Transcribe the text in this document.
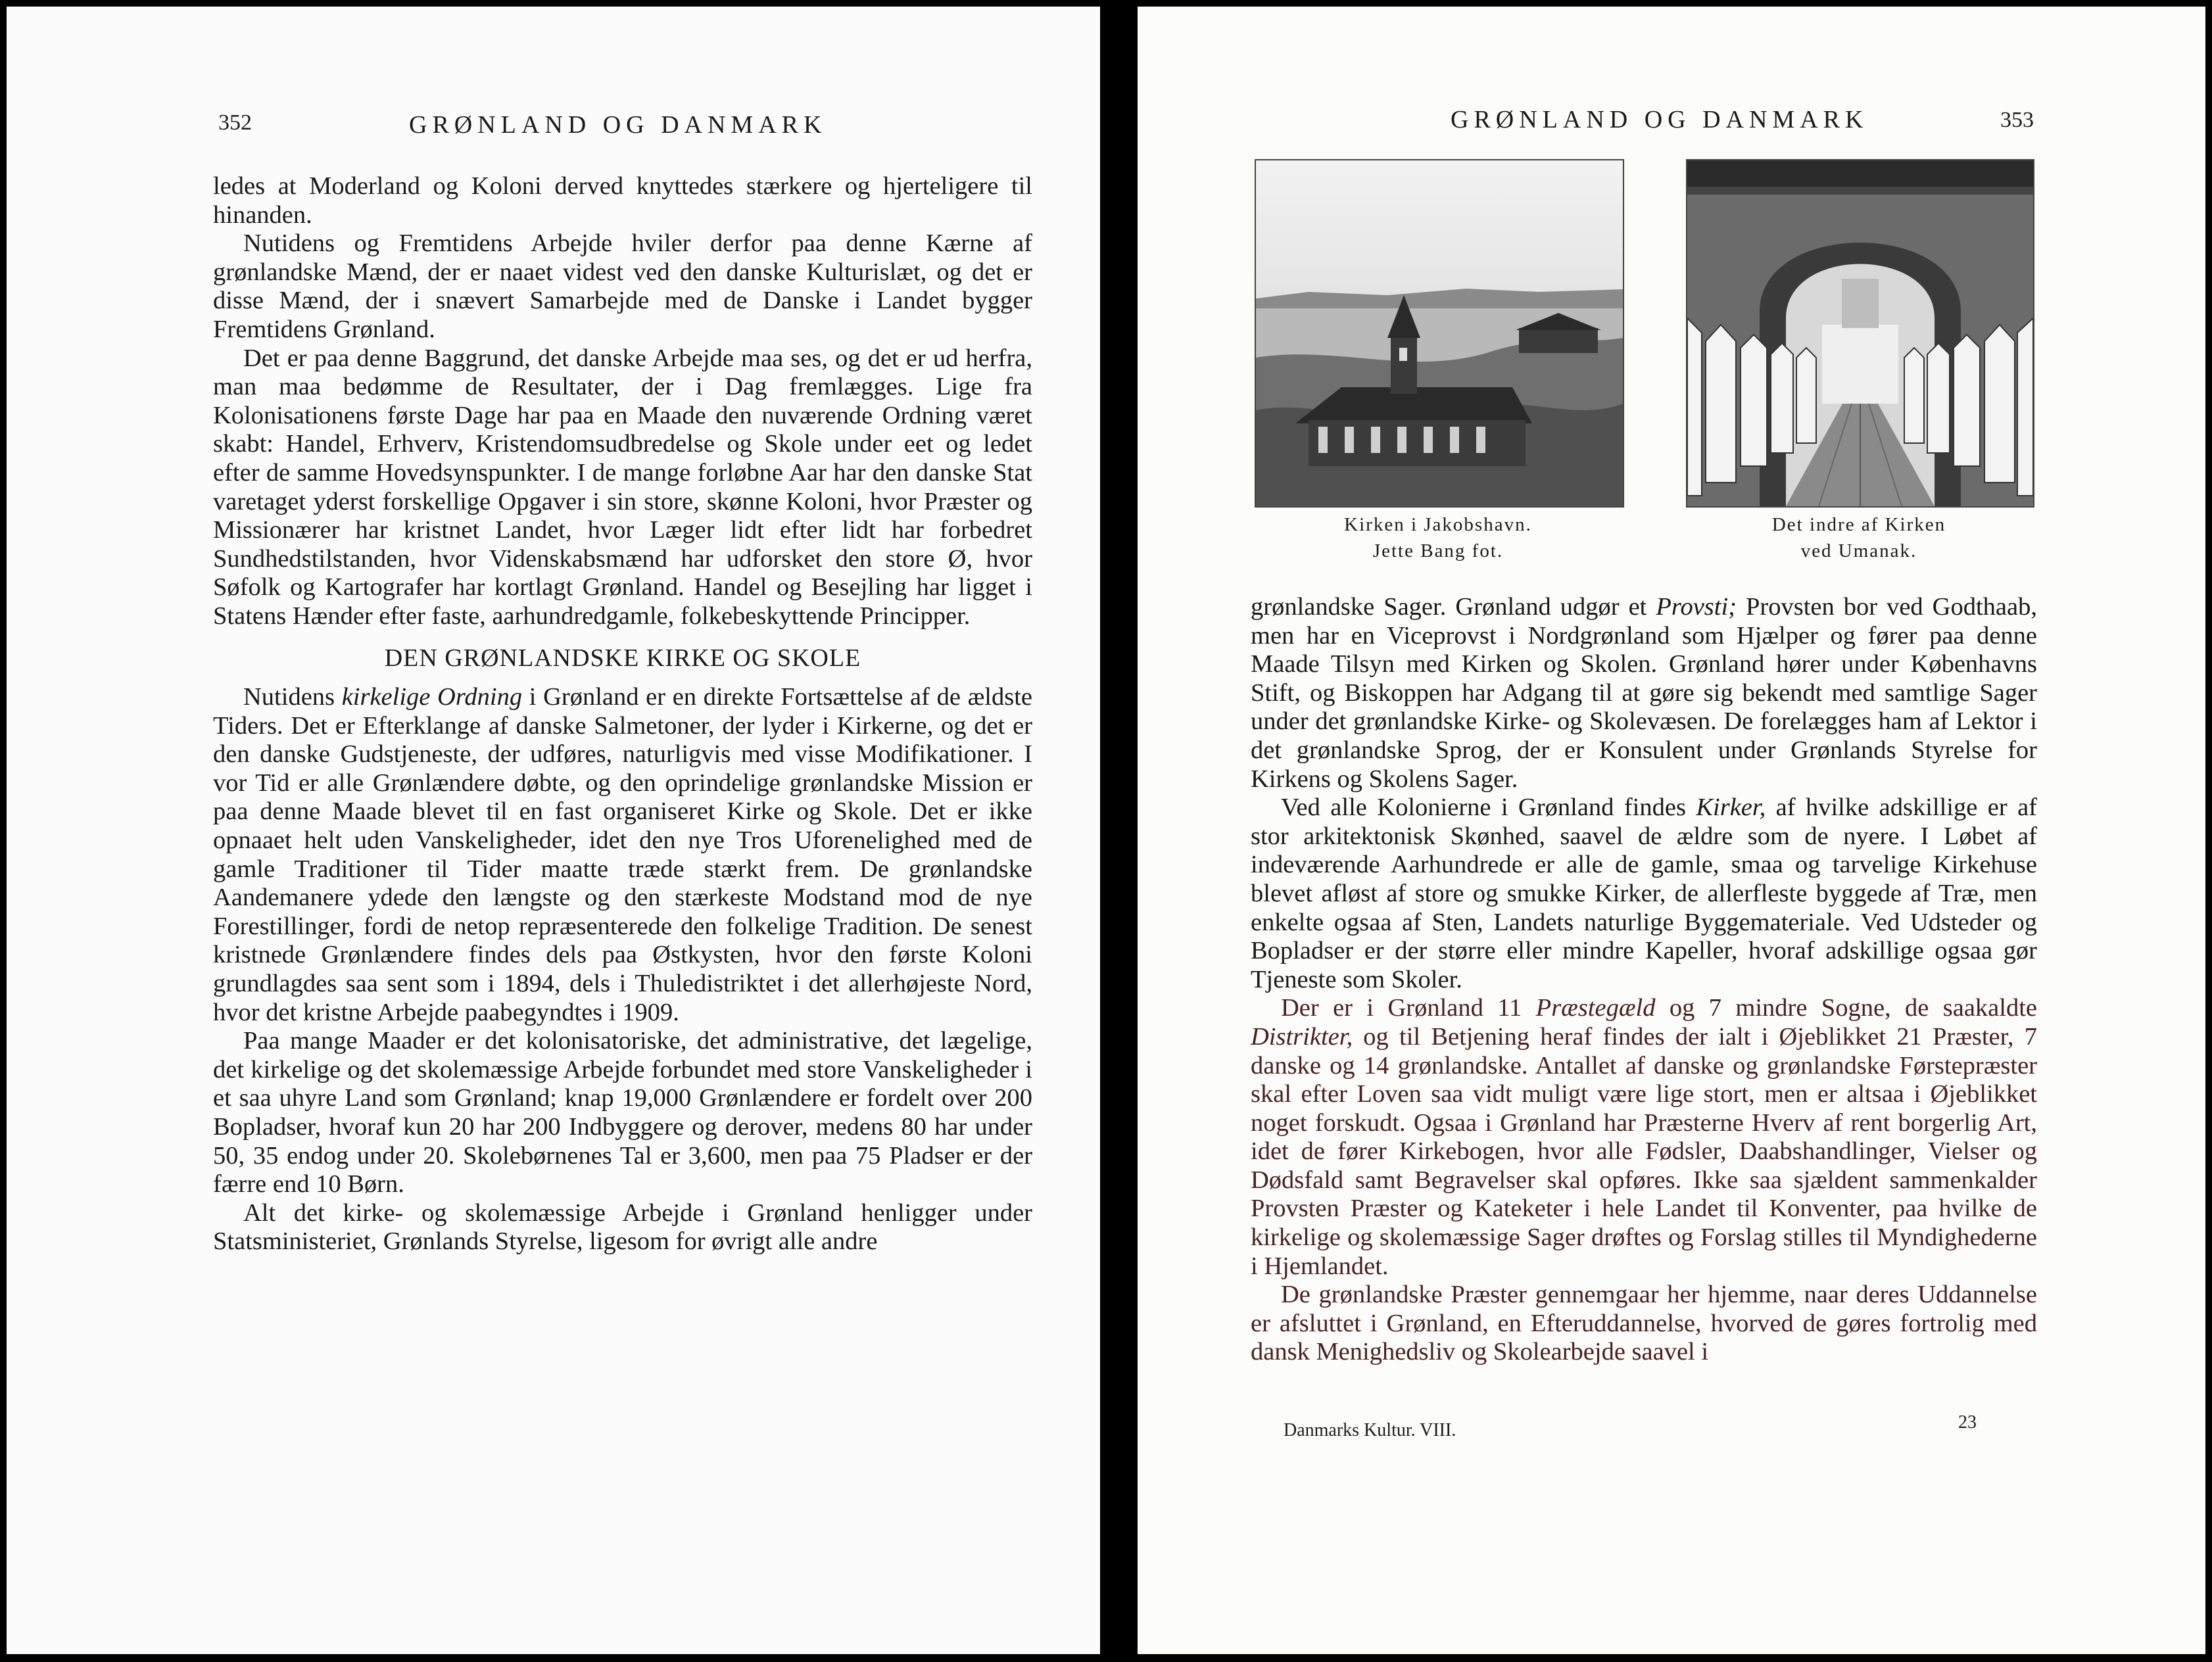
352	GRØNLAND OG DANMARK

ledes at Moderland og Koloni derved knyttedes stærkere og hjerteligere til hinanden.

Nutidens og Fremtidens Arbejde hviler derfor paa denne Kærne af grønlandske Mænd, der er naaet videst ved den danske Kulturislæt, og det er disse Mænd, der i snævert Samarbejde med de Danske i Landet bygger Fremtidens Grønland.

Det er paa denne Baggrund, det danske Arbejde maa ses, og det er ud herfra, man maa bedømme de Resultater, der i Dag fremlægges. Lige fra Kolonisationens første Dage har paa en Maade den nuværende Ordning været skabt: Handel, Erhverv, Kristendomsudbredelse og Skole under eet og ledet efter de samme Hovedsynspunkter. I de mange forløbne Aar har den danske Stat varetaget yderst forskellige Opgaver i sin store, skønne Koloni, hvor Præster og Missionærer har kristnet Landet, hvor Læger lidt efter lidt har forbedret Sundhedstilstanden, hvor Videnskabsmænd har udforsket den store Ø, hvor Søfolk og Kartografer har kortlagt Grønland. Handel og Besejling har ligget i Statens Hænder efter faste, aarhundredgamle, folkebeskyttende Principper.

DEN GRØNLANDSKE KIRKE OG SKOLE

Nutidens kirkelige Ordning i Grønland er en direkte Fortsættelse af de ældste Tiders. Det er Efterklange af danske Salmetoner, der lyder i Kirkerne, og det er den danske Gudstjeneste, der udføres, naturligvis med visse Modifikationer. I vor Tid er alle Grønlændere døbte, og den oprindelige grønlandske Mission er paa denne Maade blevet til en fast organiseret Kirke og Skole. Det er ikke opnaaet helt uden Vanskeligheder, idet den nye Tros Uforenelighed med de gamle Traditioner til Tider maatte træde stærkt frem. De grønlandske Aandemanere ydede den længste og den stærkeste Modstand mod de nye Forestillinger, fordi de netop repræsenterede den folkelige Tradition. De senest kristnede Grønlændere findes dels paa Østkysten, hvor den første Koloni grundlagdes saa sent som i 1894, dels i Thuledistriktet i det allerhøjeste Nord, hvor det kristne Arbejde paabegyndtes i 1909.

Paa mange Maader er det kolonisatoriske, det administrative, det lægelige, det kirkelige og det skolemæssige Arbejde forbundet med store Vanskeligheder i et saa uhyre Land som Grønland; knap 19,000 Grønlændere er fordelt over 200 Bopladser, hvoraf kun 20 har 200 Indbyggere og derover, medens 80 har under 50, 35 endog under 20. Skolebørnenes Tal er 3,600, men paa 75 Pladser er der færre end 10 Børn.

Alt det kirke- og skolemæssige Arbejde i Grønland henligger under Statsministeriet, Grønlands Styrelse, ligesom for øvrigt alle andre

GRØNLAND OG DANMARK	353
Kirken i Jakobshavn.
Jette Bang fot.
Det indre af Kirken
ved Umanak.

grønlandske Sager. Grønland udgør et Provsti; Provsten bor ved Godthaab, men har en Viceprovst i Nordgrønland som Hjælper og fører paa denne Maade Tilsyn med Kirken og Skolen. Grønland hører under Københavns Stift, og Biskoppen har Adgang til at gøre sig bekendt med samtlige Sager under det grønlandske Kirke- og Skolevæsen. De forelægges ham af Lektor i det grønlandske Sprog, der er Konsulent under Grønlands Styrelse for Kirkens og Skolens Sager.

Ved alle Kolonierne i Grønland findes Kirker, af hvilke adskillige er af stor arkitektonisk Skønhed, saavel de ældre som de nyere. I Løbet af indeværende Aarhundrede er alle de gamle, smaa og tarvelige Kirkehuse blevet afløst af store og smukke Kirker, de allerfleste byggede af Træ, men enkelte ogsaa af Sten, Landets naturlige Byggemateriale. Ved Udsteder og Bopladser er der større eller mindre Kapeller, hvoraf adskillige ogsaa gør Tjeneste som Skoler.

Der er i Grønland 11 Præstegæld og 7 mindre Sogne, de saakaldte Distrikter, og til Betjening heraf findes der ialt i Øjeblikket 21 Præster, 7 danske og 14 grønlandske. Antallet af danske og grønlandske Førstepræster skal efter Loven saa vidt muligt være lige stort, men er altsaa i Øjeblikket noget forskudt. Ogsaa i Grønland har Præsterne Hverv af rent borgerlig Art, idet de fører Kirkebogen, hvor alle Fødsler, Daabshandlinger, Vielser og Dødsfald samt Begravelser skal opføres. Ikke saa sjældent sammenkalder Provsten Præster og Kateketer i hele Landet til Konventer, paa hvilke de kirkelige og skolemæssige Sager drøftes og Forslag stilles til Myndighederne i Hjemlandet.

De grønlandske Præster gennemgaar her hjemme, naar deres Uddannelse er afsluttet i Grønland, en Efteruddannelse, hvorved de gøres fortrolig med dansk Menighedsliv og Skolearbejde saavel i

Danmarks Kultur. VIII.	23
